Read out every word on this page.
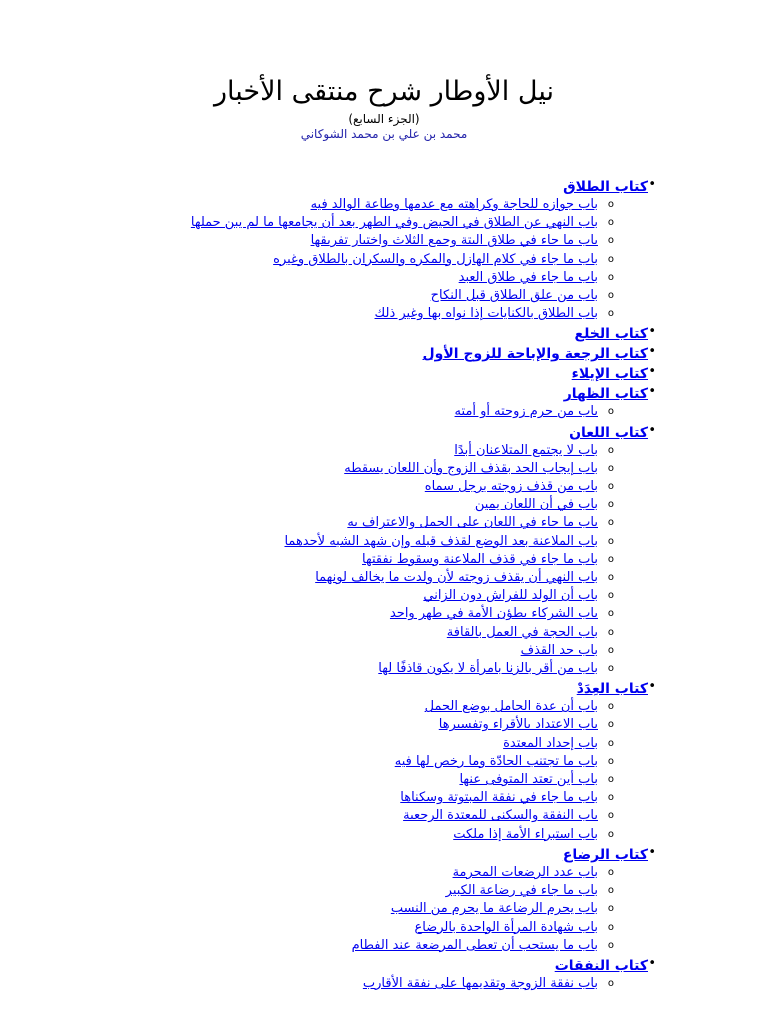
نيل الأوطار شرح منتقى الأخبار
(الجزء السابع)
محمد بن علي بن محمد الشوكاني
•
كتاب الطلاق
o
باب جوازه للحاجة وكراهته مع عدمها وطاعة الوالد فيه
o
باب النهي عن الطلاق في الحيض وفي الطهر بعد أن يجامعها ما لم يبن حملها
o
باب ما جاء في طلاق البتة وجمع الثلاث واختيار تفريقها
o
باب ما جاء في كلام الهازل والمكره والسكران بالطلاق وغيره
o
باب ما جاء في طلاق العبد
o
باب من علق الطلاق قبل النكاح
o
باب الطلاق بالكنايات إذا نواه بها وغير ذلك
•
كتاب الخلع
•
كتاب الرجعة والإباحة للزوج الأول
•
كتاب الإيلاء
•
كتاب الظهار
o
باب من حرم زوجته أو أمته
•
كتاب اللعان
o
باب لا يجتمع المتلاعنان أبدًا
o
باب إيجاب الحد بقذف الزوج وأن اللعان يسقطه
o
باب من قذف زوجته برجل سماه
o
باب في أن اللعان يمين
o
باب ما جاء في اللعان على الحمل والاعتراف به
o
باب الملاعنة بعد الوضع لقذف قبله وإن شهد الشبه لأحدهما
o
باب ما جاء في قذف الملاعنة وسقوط نفقتها
o
باب النهي أن يقذف زوجته لأن ولدت ما يخالف لونهما
o
باب أن الولد للفراش دون الزاني
o
باب الشركاء يطؤن الأمة في طهر واحد
o
باب الحجة في العمل بالقافة
o
باب حد القذف
o
باب من أقر بالزنا بامرأة لا يكون قاذفًا لها
•
كتاب العِدَدْ
o
باب أن عدة الحامل بوضع الحمل
o
باب الاعتداد بالأقراء وتفسيرها
o
باب إحداد المعتدة
o
باب ما تجتنب الحادّة وما رخص لها فيه
o
باب أين تعتد المتوفى عنها
o
باب ما جاء في نفقة المبتوتة وسكناها
o
باب النفقة والسكنى للمعتدة الرجعية
o
باب استبراء الأمة إذا ملكت
•
كتاب الرضاع
o
باب عدد الرضعات المحرمة
o
باب ما جاء في رضاعة الكبير
o
باب يحرم الرضاعة ما يحرم من النسب
o
باب شهادة المرأة الواحدة بالرضاع
o
باب ما يستحب أن تعطى المرضعة عند الفطام
•
كتاب النفقات
o
باب نفقة الزوجة وتقديمها على نفقة الأقارب
